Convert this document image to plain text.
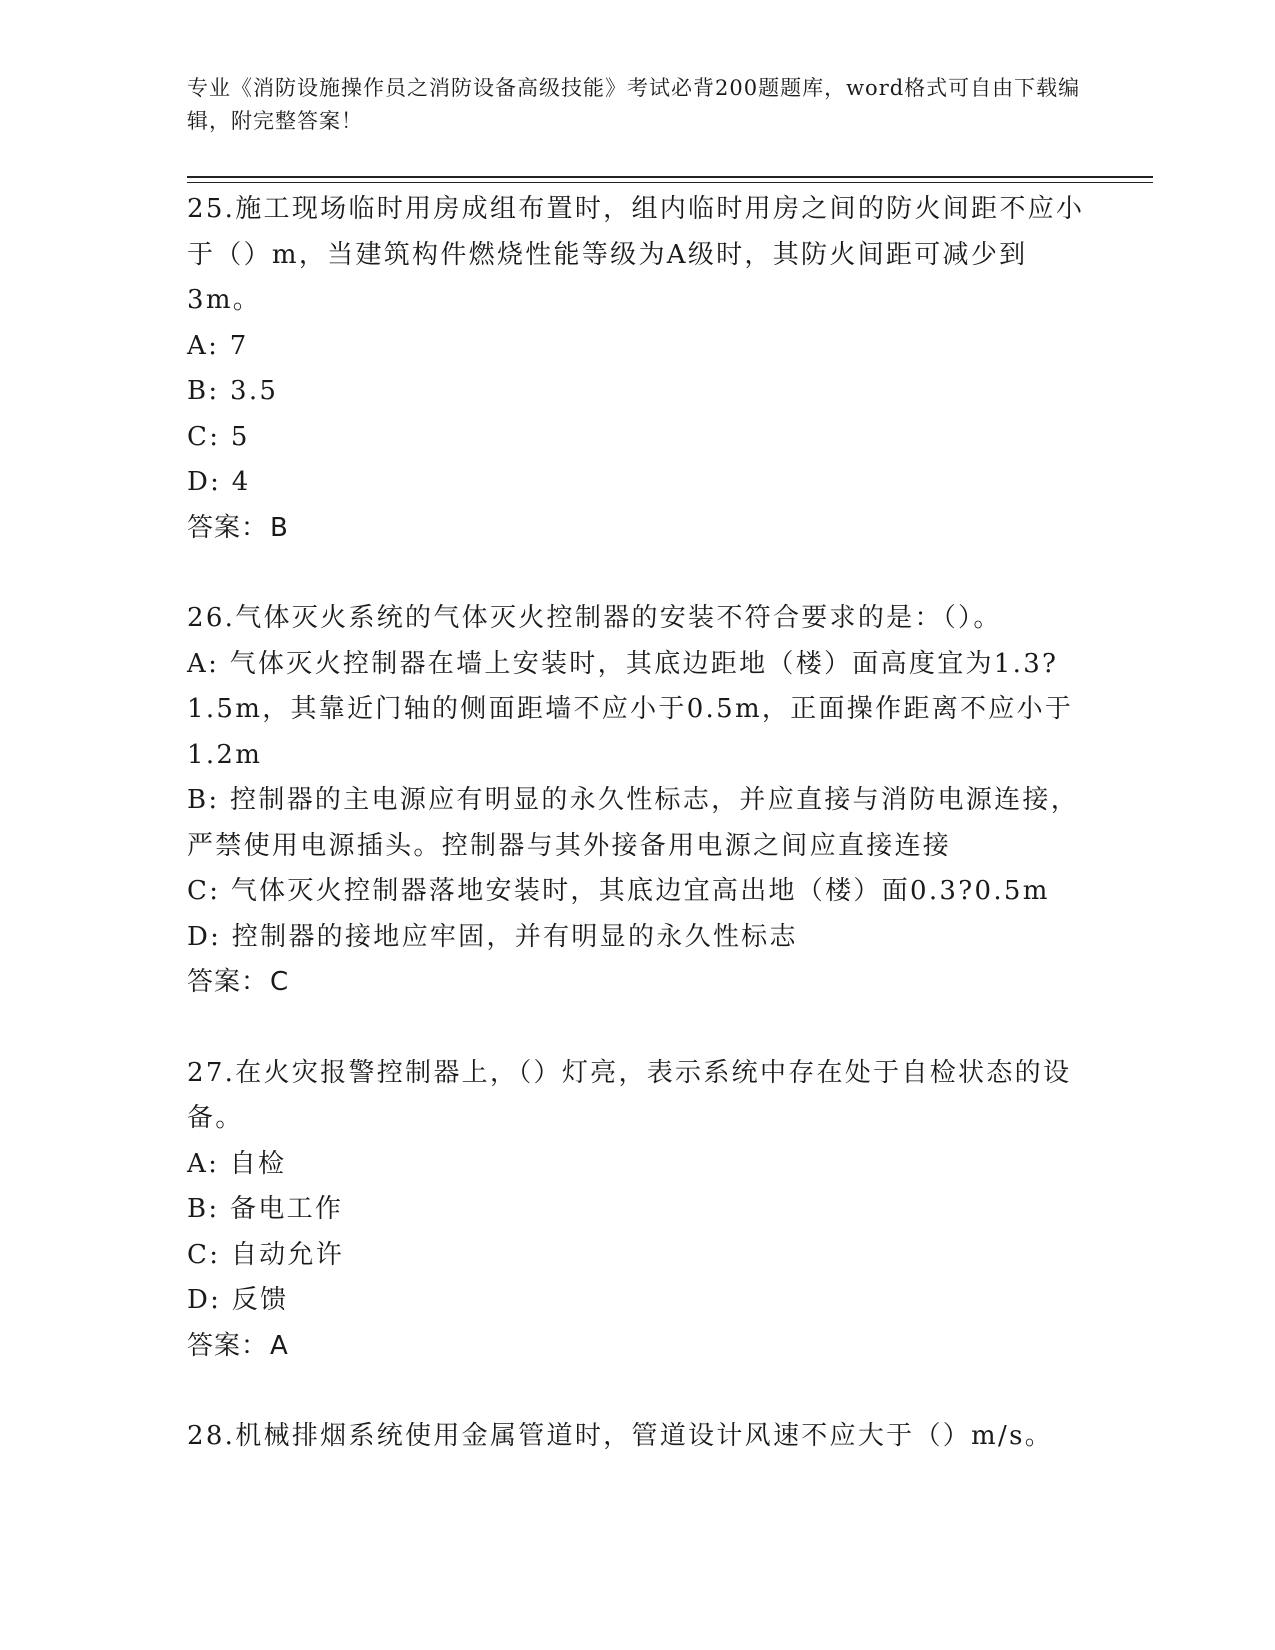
专业《消防设施操作员之消防设备高级技能》考试必背200题题库，word格式可自由下载编辑，附完整答案！

25.施工现场临时用房成组布置时，组内临时用房之间的防火间距不应小于（）m，当建筑构件燃烧性能等级为A级时，其防火间距可减少到3m。

A: 7

B: 3.5

C: 5

D: 4

答案：B

26.气体灭火系统的气体灭火控制器的安装不符合要求的是：（）。

A: 气体灭火控制器在墙上安装时，其底边距地（楼）面高度宜为1.3?1.5m，其靠近门轴的侧面距墙不应小于0.5m，正面操作距离不应小于1.2m

B: 控制器的主电源应有明显的永久性标志，并应直接与消防电源连接，严禁使用电源插头。控制器与其外接备用电源之间应直接连接

C: 气体灭火控制器落地安装时，其底边宜高出地（楼）面0.3?0.5m

D: 控制器的接地应牢固，并有明显的永久性标志

答案：C

27.在火灾报警控制器上，（）灯亮，表示系统中存在处于自检状态的设备。

A: 自检

B: 备电工作

C: 自动允许

D: 反馈

答案：A

28.机械排烟系统使用金属管道时，管道设计风速不应大于（）m/s。
